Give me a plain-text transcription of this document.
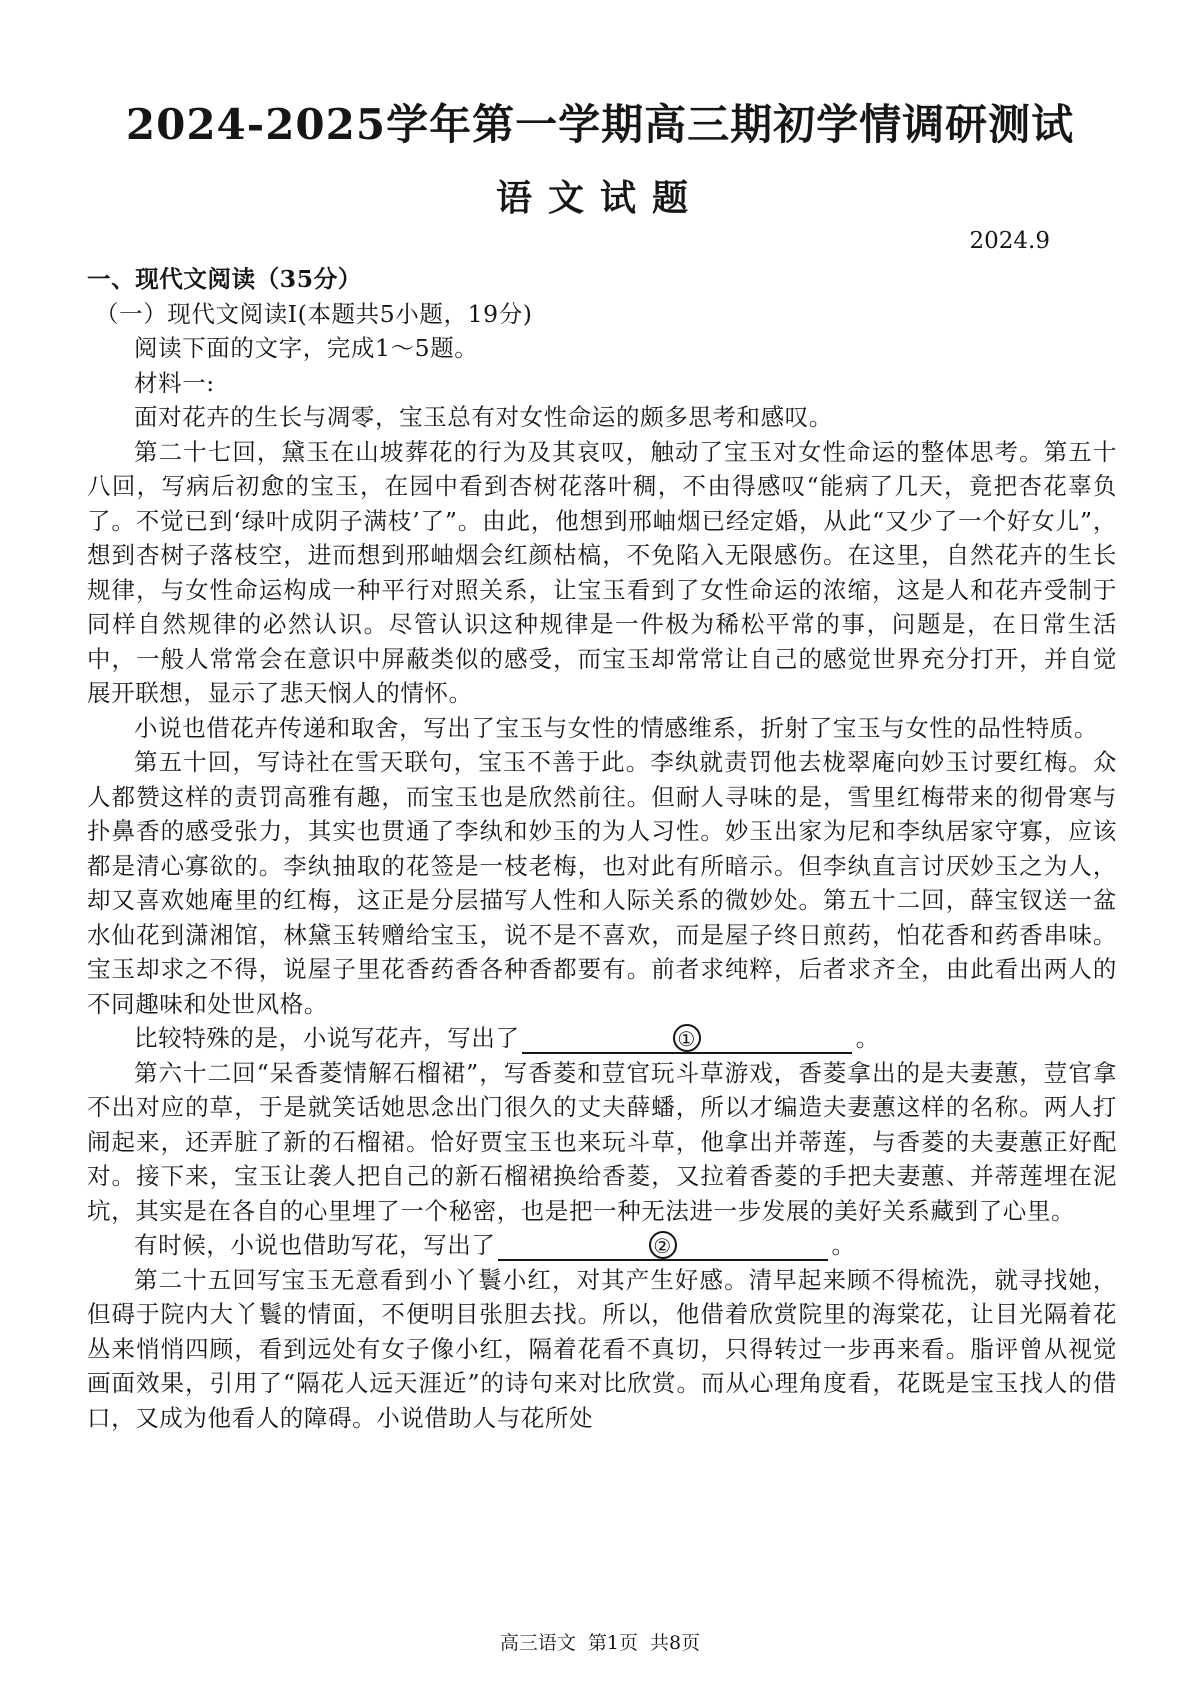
2024-2025学年第一学期高三期初学情调研测试
语文试题
2024.9

一、现代文阅读（35分）

（一）现代文阅读Ⅰ(本题共5小题，19分)

阅读下面的文字，完成1～5题。

材料一:

面对花卉的生长与凋零，宝玉总有对女性命运的颇多思考和感叹。

第二十七回，黛玉在山坡葬花的行为及其哀叹，触动了宝玉对女性命运的整体思考。第五十八回，写病后初愈的宝玉，在园中看到杏树花落叶稠，不由得感叹“能病了几天，竟把杏花辜负了。不觉已到‘绿叶成阴子满枝’了”。由此，他想到邢岫烟已经定婚，从此“又少了一个好女儿”，想到杏树子落枝空，进而想到邢岫烟会红颜枯槁，不免陷入无限感伤。在这里，自然花卉的生长规律，与女性命运构成一种平行对照关系，让宝玉看到了女性命运的浓缩，这是人和花卉受制于同样自然规律的必然认识。尽管认识这种规律是一件极为稀松平常的事，问题是，在日常生活中，一般人常常会在意识中屏蔽类似的感受，而宝玉却常常让自己的感觉世界充分打开，并自觉展开联想，显示了悲天悯人的情怀。

小说也借花卉传递和取舍，写出了宝玉与女性的情感维系，折射了宝玉与女性的品性特质。

第五十回，写诗社在雪天联句，宝玉不善于此。李纨就责罚他去栊翠庵向妙玉讨要红梅。众人都赞这样的责罚高雅有趣，而宝玉也是欣然前往。但耐人寻味的是，雪里红梅带来的彻骨寒与扑鼻香的感受张力，其实也贯通了李纨和妙玉的为人习性。妙玉出家为尼和李纨居家守寡，应该都是清心寡欲的。李纨抽取的花签是一枝老梅，也对此有所暗示。但李纨直言讨厌妙玉之为人，却又喜欢她庵里的红梅，这正是分层描写人性和人际关系的微妙处。第五十二回，薛宝钗送一盆水仙花到潇湘馆，林黛玉转赠给宝玉，说不是不喜欢，而是屋子终日煎药，怕花香和药香串味。宝玉却求之不得，说屋子里花香药香各种香都要有。前者求纯粹，后者求齐全，由此看出两人的不同趣味和处世风格。

比较特殊的是，小说写花卉，写出了	①	。

第六十二回“呆香菱情解石榴裙”，写香菱和荳官玩斗草游戏，香菱拿出的是夫妻蕙，荳官拿不出对应的草，于是就笑话她思念出门很久的丈夫薛蟠，所以才编造夫妻蕙这样的名称。两人打闹起来，还弄脏了新的石榴裙。恰好贾宝玉也来玩斗草，他拿出并蒂莲，与香菱的夫妻蕙正好配对。接下来，宝玉让袭人把自己的新石榴裙换给香菱，又拉着香菱的手把夫妻蕙、并蒂莲埋在泥坑，其实是在各自的心里埋了一个秘密，也是把一种无法进一步发展的美好关系藏到了心里。

有时候，小说也借助写花，写出了	②	。

第二十五回写宝玉无意看到小丫鬟小红，对其产生好感。清早起来顾不得梳洗，就寻找她，但碍于院内大丫鬟的情面，不便明目张胆去找。所以，他借着欣赏院里的海棠花，让目光隔着花丛来悄悄四顾，看到远处有女子像小红，隔着花看不真切，只得转过一步再来看。脂评曾从视觉画面效果，引用了“隔花人远天涯近”的诗句来对比欣赏。而从心理角度看，花既是宝玉找人的借口，又成为他看人的障碍。小说借助人与花所处

高三语文 第1页 共8页
